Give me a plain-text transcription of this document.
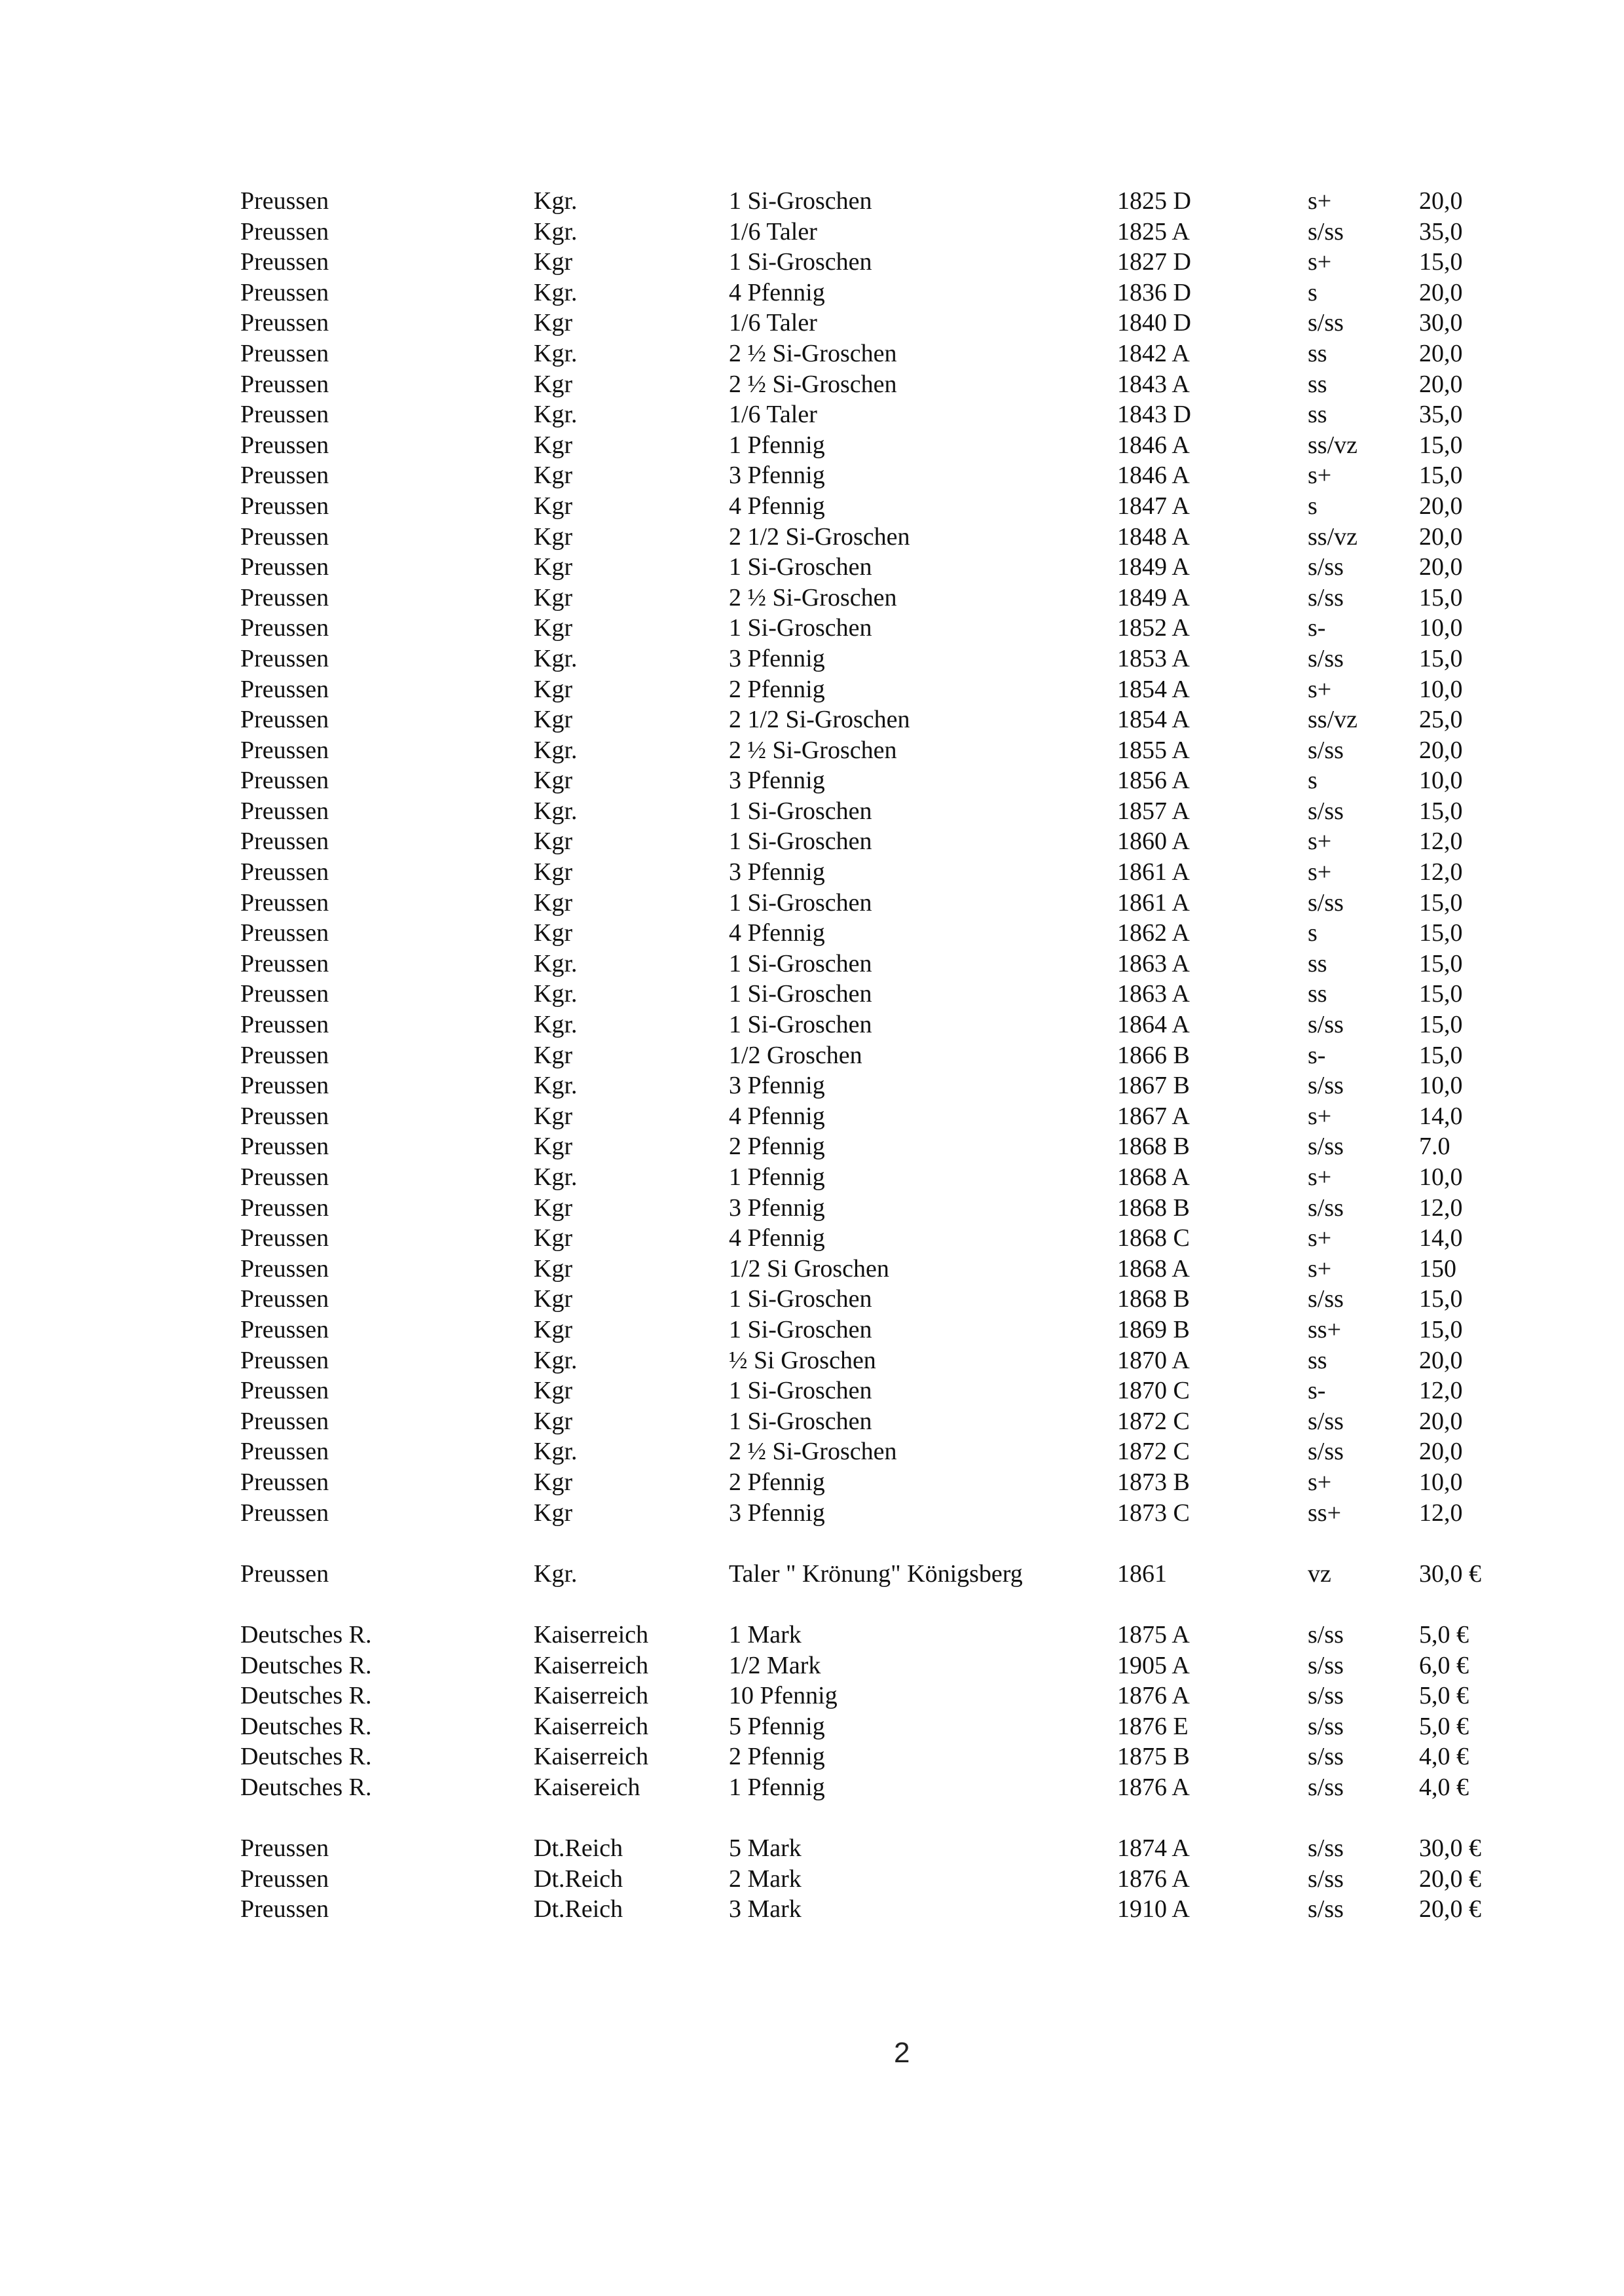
Preussen	Kgr.	1 Si-Groschen	1825 D	s+	20,0
Preussen	Kgr.	1/6 Taler	1825 A	s/ss	35,0
Preussen	Kgr	1 Si-Groschen	1827 D	s+	15,0
Preussen	Kgr.	4 Pfennig	1836 D	s	20,0
Preussen	Kgr	1/6 Taler	1840 D	s/ss	30,0
Preussen	Kgr.	2 ½ Si-Groschen	1842 A	ss	20,0
Preussen	Kgr	2 ½ Si-Groschen	1843 A	ss	20,0
Preussen	Kgr.	1/6 Taler	1843 D	ss	35,0
Preussen	Kgr	1 Pfennig	1846 A	ss/vz 15,0
Preussen	Kgr	3 Pfennig	1846 A	s+	15,0
Preussen	Kgr	4 Pfennig	1847 A	s	20,0
Preussen	Kgr	2 1/2 Si-Groschen	1848 A	ss/vz 20,0
Preussen	Kgr	1 Si-Groschen	1849 A	s/ss	20,0
Preussen	Kgr	2 ½ Si-Groschen	1849 A	s/ss	15,0
Preussen	Kgr	1 Si-Groschen	1852 A	s-	10,0
Preussen	Kgr.	3 Pfennig	1853 A	s/ss	15,0
Preussen	Kgr	2 Pfennig	1854 A	s+	10,0
Preussen	Kgr	2 1/2 Si-Groschen	1854 A	ss/vz 25,0
Preussen	Kgr.	2 ½ Si-Groschen	1855 A	s/ss	20,0
Preussen	Kgr	3 Pfennig	1856 A	s	10,0
Preussen	Kgr.	1 Si-Groschen	1857 A	s/ss	15,0
Preussen	Kgr	1 Si-Groschen	1860 A	s+	12,0
Preussen	Kgr	3 Pfennig	1861 A	s+	12,0
Preussen	Kgr	1 Si-Groschen	1861 A	s/ss	15,0
Preussen	Kgr	4 Pfennig	1862 A	s	15,0
Preussen	Kgr.	1 Si-Groschen	1863 A	ss	15,0
Preussen	Kgr.	1 Si-Groschen	1863 A	ss	15,0
Preussen	Kgr.	1 Si-Groschen	1864 A	s/ss	15,0
Preussen	Kgr	1/2 Groschen	1866 B	s-	15,0
Preussen	Kgr.	3 Pfennig	1867 B	s/ss	10,0
Preussen	Kgr	4 Pfennig	1867 A	s+	14,0
Preussen	Kgr	2 Pfennig	1868 B	s/ss	7.0
Preussen	Kgr.	1 Pfennig	1868 A	s+	10,0
Preussen	Kgr	3 Pfennig	1868 B	s/ss	12,0
Preussen	Kgr	4 Pfennig	1868 C	s+	14,0
Preussen	Kgr	1/2 Si Groschen	1868 A	s+	150
Preussen	Kgr	1 Si-Groschen	1868 B	s/ss	15,0
Preussen	Kgr	1 Si-Groschen	1869 B	ss+	15,0
Preussen	Kgr.	½ Si Groschen	1870 A	ss	20,0
Preussen	Kgr	1 Si-Groschen	1870 C	s-	12,0
Preussen	Kgr	1 Si-Groschen	1872 C	s/ss	20,0
Preussen	Kgr.	2 ½ Si-Groschen	1872 C	s/ss	20,0
Preussen	Kgr	2 Pfennig	1873 B	s+	10,0
Preussen	Kgr	3 Pfennig	1873 C	ss+	12,0
Preussen	Kgr.	Taler " Krönung" Königsberg	1861	vz	30,0 €
Deutsches R.	Kaiserreich	1 Mark	1875 A	s/ss	5,0 €
Deutsches R.	Kaiserreich	1/2 Mark	1905 A	s/ss	6,0 €
Deutsches R.	Kaiserreich	10 Pfennig	1876 A	s/ss	5,0 €
Deutsches R.	Kaiserreich	5 Pfennig	1876 E	s/ss	5,0 €
Deutsches R.	Kaiserreich	2 Pfennig	1875 B	s/ss	4,0 €
Deutsches R.	Kaisereich	1 Pfennig	1876 A	s/ss	4,0 €
Preussen	Dt.Reich	5 Mark	1874 A	s/ss	30,0 €
Preussen	Dt.Reich	2 Mark	1876 A	s/ss	20,0 €
Preussen	Dt.Reich	3 Mark	1910 A	s/ss	20,0 €
2
